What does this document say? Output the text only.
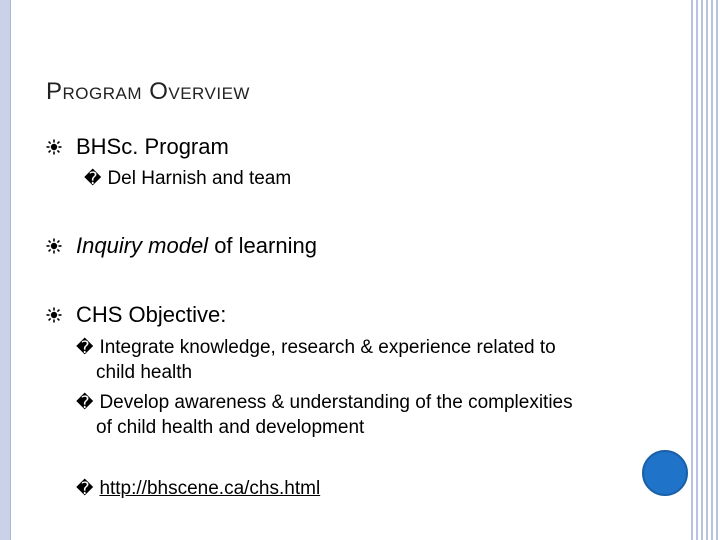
Program Overview
BHSc. Program
� Del Harnish and team
Inquiry model of learning
CHS Objective:
� Integrate knowledge, research & experience related to
child health
� Develop awareness & understanding of the complexities
of child health and development
� http://bhscene.ca/chs.html
